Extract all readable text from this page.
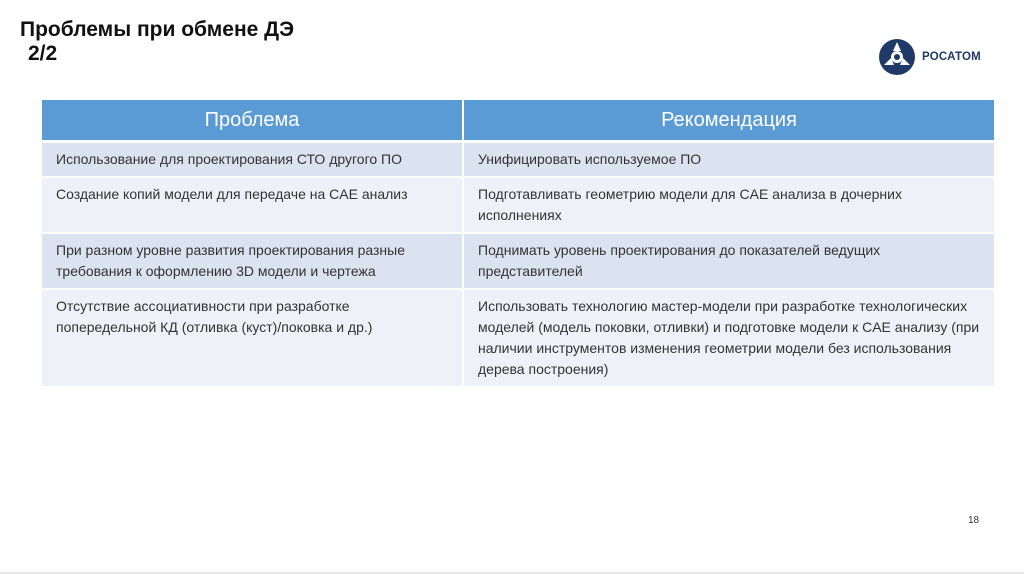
Проблемы при обмене ДЭ
2/2	РОСАТОМ
Проблема	Рекомендация
Использование для проектирования СТО другого ПО	Унифицировать используемое ПО
Создание копий модели для передаче на CAE анализ	Подготавливать геометрию модели для CAE анализа в дочерних исполнениях
При разном уровне развития проектирования разные требования к оформлению 3D модели и чертежа	Поднимать уровень проектирования до показателей ведущих представителей
Отсутствие ассоциативности при разработке попередельной КД (отливка (куст)/поковка и др.)	Использовать технологию мастер-модели при разработке технологических моделей (модель поковки, отливки) и подготовке модели к CAE анализу (при наличии инструментов изменения геометрии модели без использования дерева построения)
18
